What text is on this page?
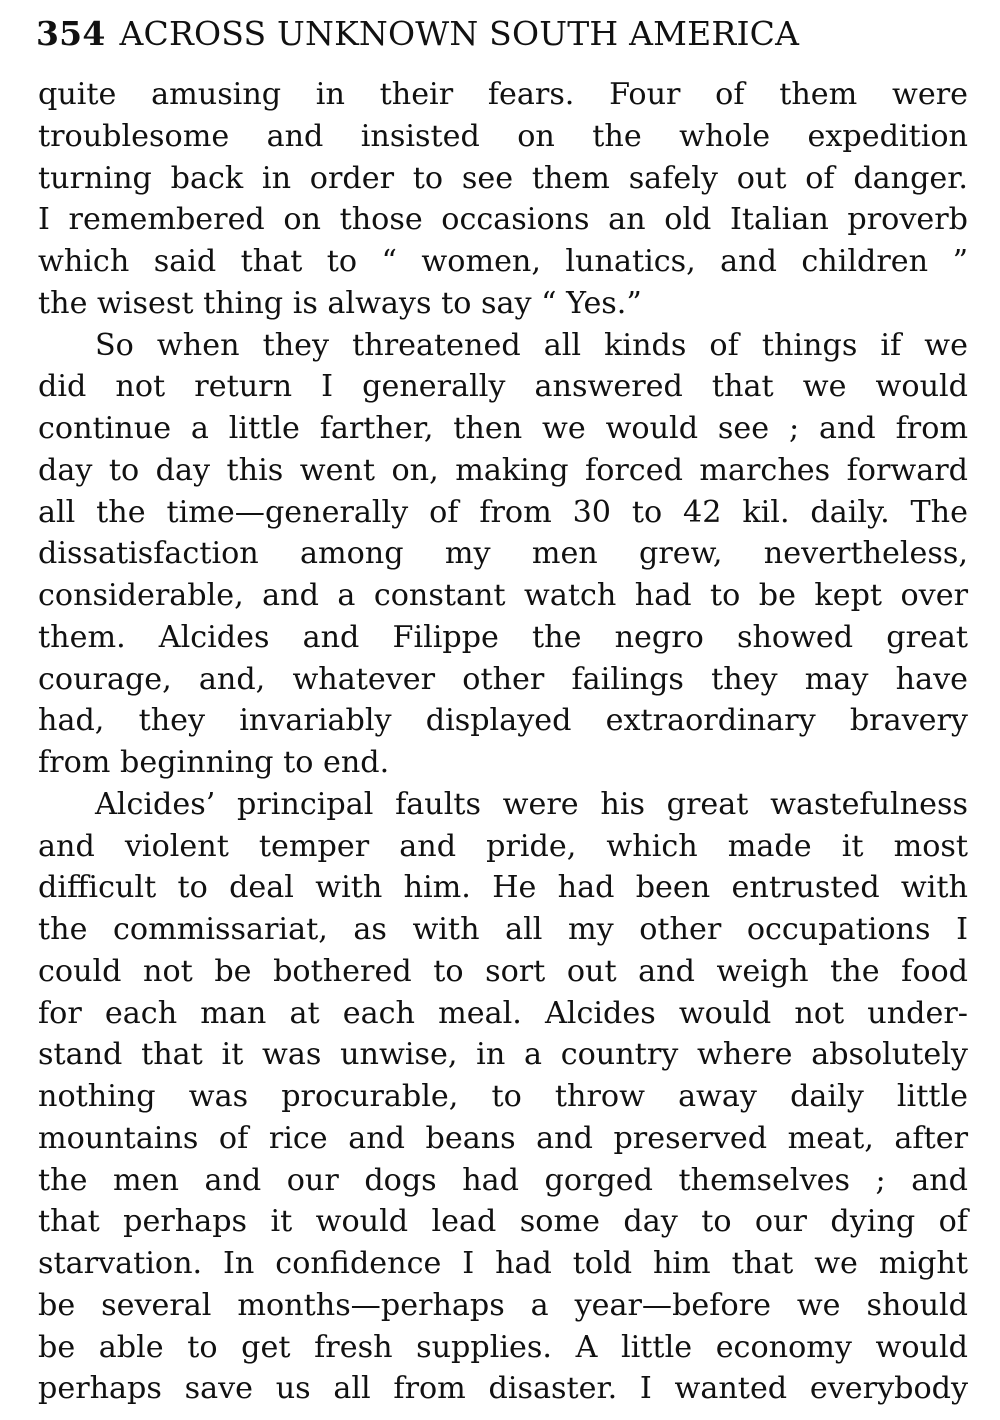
354 ACROSS UNKNOWN SOUTH AMERICA
quite amusing in their fears. Four of them were
troublesome and insisted on the whole expedition
turning back in order to see them safely out of danger.
I remembered on those occasions an old Italian proverb
which said that to “ women, lunatics, and children ”
the wisest thing is always to say “ Yes.”
So when they threatened all kinds of things if we
did not return I generally answered that we would
continue a little farther, then we would see ; and from
day to day this went on, making forced marches forward
all the time—generally of from 30 to 42 kil. daily. The
dissatisfaction among my men grew, nevertheless,
considerable, and a constant watch had to be kept over
them. Alcides and Filippe the negro showed great
courage, and, whatever other failings they may have
had, they invariably displayed extraordinary bravery
from beginning to end.
Alcides’ principal faults were his great wastefulness
and violent temper and pride, which made it most
difficult to deal with him. He had been entrusted with
the commissariat, as with all my other occupations I
could not be bothered to sort out and weigh the food
for each man at each meal. Alcides would not under-
stand that it was unwise, in a country where absolutely
nothing was procurable, to throw away daily little
mountains of rice and beans and preserved meat, after
the men and our dogs had gorged themselves ; and
that perhaps it would lead some day to our dying of
starvation. In confidence I had told him that we might
be several months—perhaps a year—before we should
be able to get fresh supplies. A little economy would
perhaps save us all from disaster. I wanted everybody
